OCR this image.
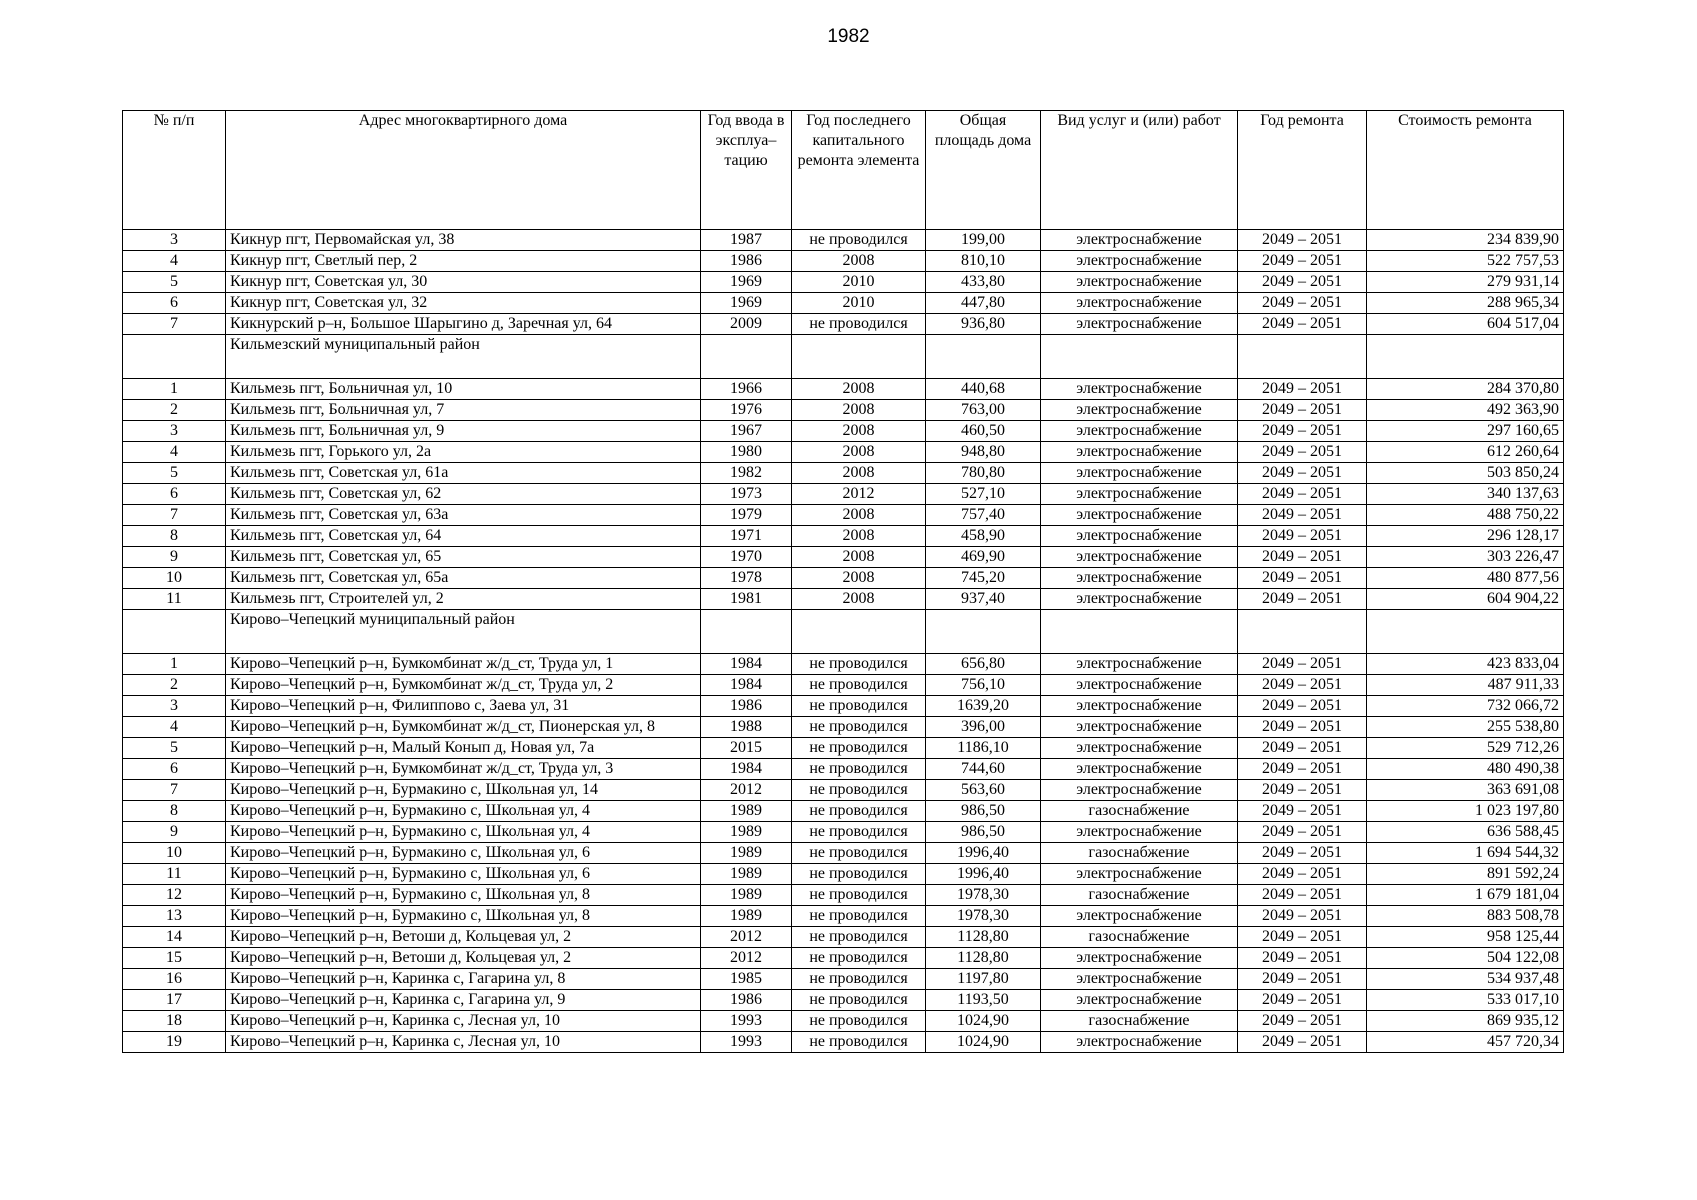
1982
№ п/п	Адрес многоквартирного дома	Год ввода в эксплуа– тацию	Год последнего капитального ремонта элемента	Общая площадь дома	Вид услуг и (или) работ	Год ремонта	Стоимость ремонта
3	Кикнур пгт, Первомайская ул, 38	1987	не проводился	199,00	электроснабжение	2049 – 2051	234 839,90
4	Кикнур пгт, Светлый пер, 2	1986	2008	810,10	электроснабжение	2049 – 2051	522 757,53
5	Кикнур пгт, Советская ул, 30	1969	2010	433,80	электроснабжение	2049 – 2051	279 931,14
6	Кикнур пгт, Советская ул, 32	1969	2010	447,80	электроснабжение	2049 – 2051	288 965,34
7	Кикнурский р–н, Большое Шарыгино д, Заречная ул, 64	2009	не проводился	936,80	электроснабжение	2049 – 2051	604 517,04
	Кильмезский муниципальный район						
1	Кильмезь пгт, Больничная ул, 10	1966	2008	440,68	электроснабжение	2049 – 2051	284 370,80
2	Кильмезь пгт, Больничная ул, 7	1976	2008	763,00	электроснабжение	2049 – 2051	492 363,90
3	Кильмезь пгт, Больничная ул, 9	1967	2008	460,50	электроснабжение	2049 – 2051	297 160,65
4	Кильмезь пгт, Горького ул, 2а	1980	2008	948,80	электроснабжение	2049 – 2051	612 260,64
5	Кильмезь пгт, Советская ул, 61а	1982	2008	780,80	электроснабжение	2049 – 2051	503 850,24
6	Кильмезь пгт, Советская ул, 62	1973	2012	527,10	электроснабжение	2049 – 2051	340 137,63
7	Кильмезь пгт, Советская ул, 63а	1979	2008	757,40	электроснабжение	2049 – 2051	488 750,22
8	Кильмезь пгт, Советская ул, 64	1971	2008	458,90	электроснабжение	2049 – 2051	296 128,17
9	Кильмезь пгт, Советская ул, 65	1970	2008	469,90	электроснабжение	2049 – 2051	303 226,47
10	Кильмезь пгт, Советская ул, 65а	1978	2008	745,20	электроснабжение	2049 – 2051	480 877,56
11	Кильмезь пгт, Строителей ул, 2	1981	2008	937,40	электроснабжение	2049 – 2051	604 904,22
	Кирово–Чепецкий муниципальный район						
1	Кирово–Чепецкий р–н, Бумкомбинат ж/д_ст, Труда ул, 1	1984	не проводился	656,80	электроснабжение	2049 – 2051	423 833,04
2	Кирово–Чепецкий р–н, Бумкомбинат ж/д_ст, Труда ул, 2	1984	не проводился	756,10	электроснабжение	2049 – 2051	487 911,33
3	Кирово–Чепецкий р–н, Филиппово с, Заева ул, 31	1986	не проводился	1639,20	электроснабжение	2049 – 2051	732 066,72
4	Кирово–Чепецкий р–н, Бумкомбинат ж/д_ст, Пионерская ул, 8	1988	не проводился	396,00	электроснабжение	2049 – 2051	255 538,80
5	Кирово–Чепецкий р–н, Малый Конып д, Новая ул, 7а	2015	не проводился	1186,10	электроснабжение	2049 – 2051	529 712,26
6	Кирово–Чепецкий р–н, Бумкомбинат ж/д_ст, Труда ул, 3	1984	не проводился	744,60	электроснабжение	2049 – 2051	480 490,38
7	Кирово–Чепецкий р–н, Бурмакино с, Школьная ул, 14	2012	не проводился	563,60	электроснабжение	2049 – 2051	363 691,08
8	Кирово–Чепецкий р–н, Бурмакино с, Школьная ул, 4	1989	не проводился	986,50	газоснабжение	2049 – 2051	1 023 197,80
9	Кирово–Чепецкий р–н, Бурмакино с, Школьная ул, 4	1989	не проводился	986,50	электроснабжение	2049 – 2051	636 588,45
10	Кирово–Чепецкий р–н, Бурмакино с, Школьная ул, 6	1989	не проводился	1996,40	газоснабжение	2049 – 2051	1 694 544,32
11	Кирово–Чепецкий р–н, Бурмакино с, Школьная ул, 6	1989	не проводился	1996,40	электроснабжение	2049 – 2051	891 592,24
12	Кирово–Чепецкий р–н, Бурмакино с, Школьная ул, 8	1989	не проводился	1978,30	газоснабжение	2049 – 2051	1 679 181,04
13	Кирово–Чепецкий р–н, Бурмакино с, Школьная ул, 8	1989	не проводился	1978,30	электроснабжение	2049 – 2051	883 508,78
14	Кирово–Чепецкий р–н, Ветоши д, Кольцевая ул, 2	2012	не проводился	1128,80	газоснабжение	2049 – 2051	958 125,44
15	Кирово–Чепецкий р–н, Ветоши д, Кольцевая ул, 2	2012	не проводился	1128,80	электроснабжение	2049 – 2051	504 122,08
16	Кирово–Чепецкий р–н, Каринка с, Гагарина ул, 8	1985	не проводился	1197,80	электроснабжение	2049 – 2051	534 937,48
17	Кирово–Чепецкий р–н, Каринка с, Гагарина ул, 9	1986	не проводился	1193,50	электроснабжение	2049 – 2051	533 017,10
18	Кирово–Чепецкий р–н, Каринка с, Лесная ул, 10	1993	не проводился	1024,90	газоснабжение	2049 – 2051	869 935,12
19	Кирово–Чепецкий р–н, Каринка с, Лесная ул, 10	1993	не проводился	1024,90	электроснабжение	2049 – 2051	457 720,34
